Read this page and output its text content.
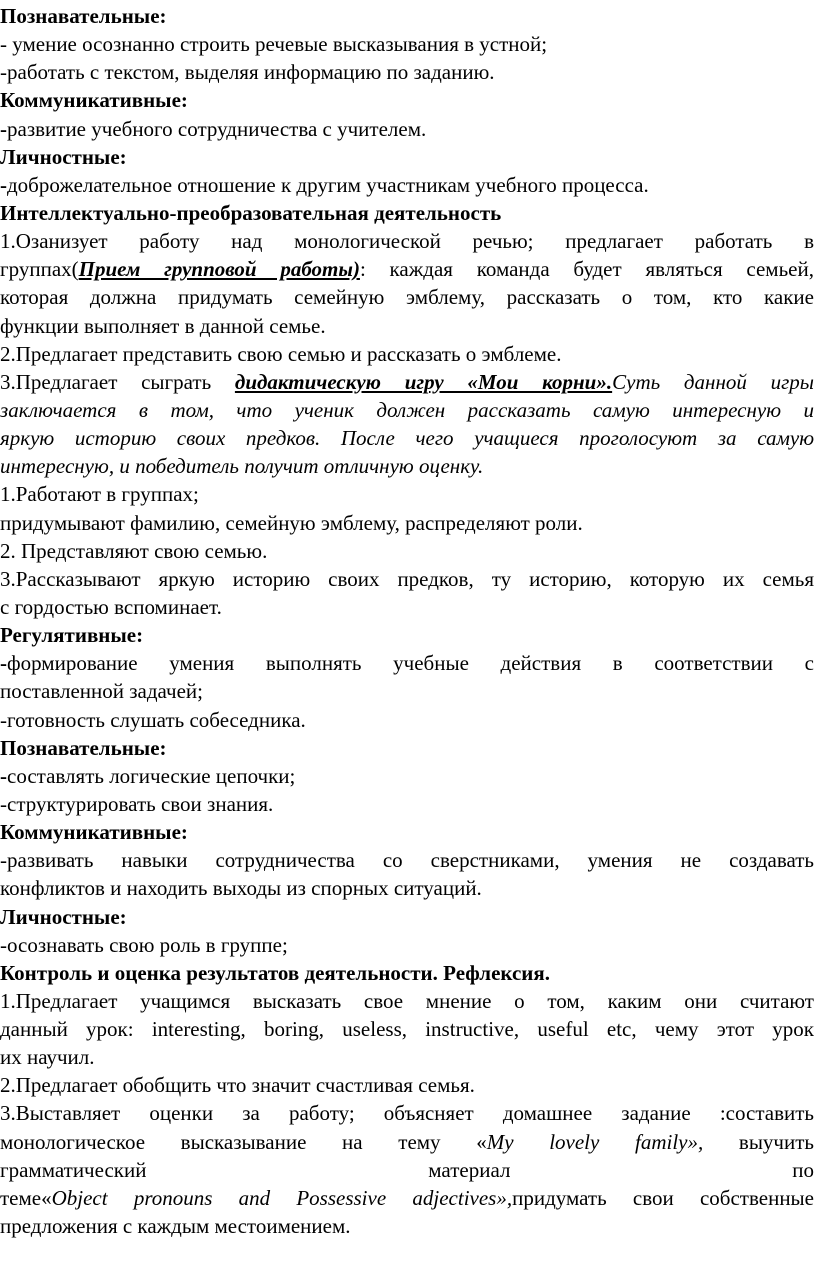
Познавательные:
- умение осознанно строить речевые высказывания в устной;
-работать с текстом, выделяя информацию по заданию.
Коммуникативные:
-развитие учебного сотрудничества с учителем.
Личностные:
-доброжелательное отношение к другим участникам учебного процесса.
Интеллектуально-преобразовательная деятельность
1.Озанизует работу над монологической речью; предлагает работать в
группах(Прием групповой работы): каждая команда будет являться семьей,
которая должна придумать семейную эмблему, рассказать о том, кто какие
функции выполняет в данной семье.
2.Предлагает представить свою семью и рассказать о эмблеме.
3.Предлагает сыграть дидактическую игру «Мои корни».Суть данной игры
заключается в том, что ученик должен рассказать самую интересную и
яркую историю своих предков. После чего учащиеся проголосуют за самую
интересную, и победитель получит отличную оценку.
1.Работают в группах;
придумывают фамилию, семейную эмблему, распределяют роли.
2. Представляют свою семью.
3.Рассказывают яркую историю своих предков, ту историю, которую их семья
с гордостью вспоминает.
Регулятивные:
-формирование умения выполнять учебные действия в соответствии с
поставленной задачей;
-готовность слушать собеседника.
Познавательные:
-составлять логические цепочки;
-структурировать свои знания.
Коммуникативные:
-развивать навыки сотрудничества со сверстниками, умения не создавать
конфликтов и находить выходы из спорных ситуаций.
Личностные:
-осознавать свою роль в группе;
Контроль и оценка результатов деятельности. Рефлексия.
1.Предлагает учащимся высказать свое мнение о том, каким они считают
данный урок: interesting, boring, useless, instructive, useful etc, чему этот урок
их научил.
2.Предлагает обобщить что значит счастливая семья.
3.Выставляет оценки за работу; объясняет домашнее задание :составить
монологическое высказывание на тему «My lovely family», выучить
грамматический материал по
теме«Object pronouns and Possessive adjectives»,придумать свои собственные
предложения с каждым местоимением.
